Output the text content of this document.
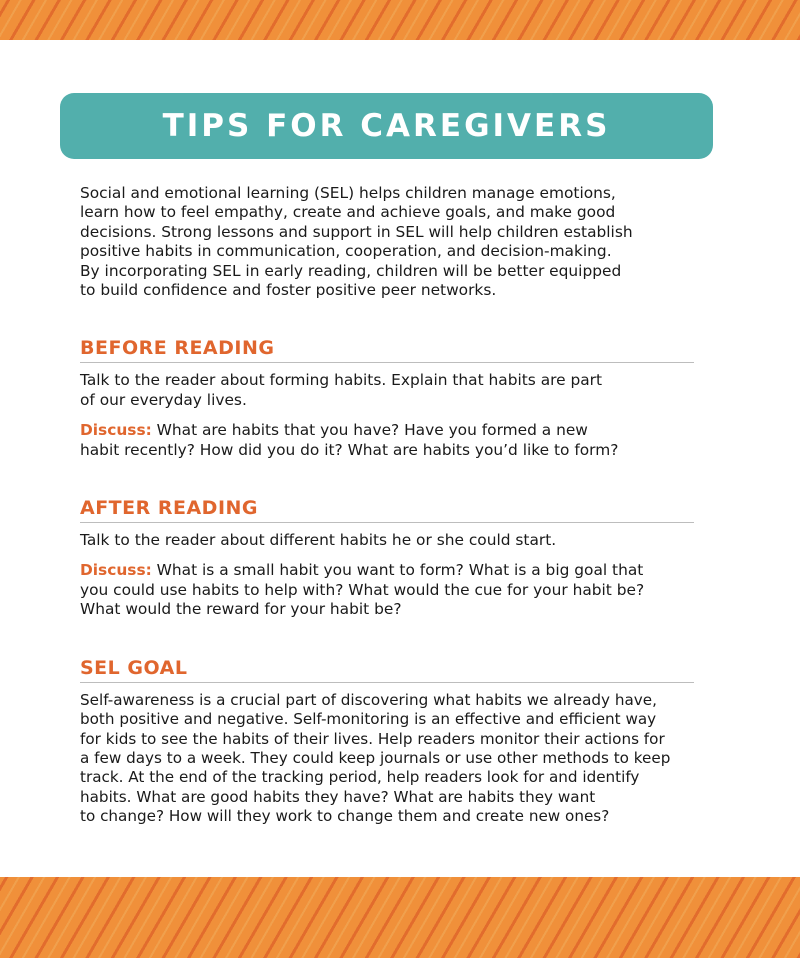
TIPS FOR CAREGIVERS

Social and emotional learning (SEL) helps children manage emotions,
learn how to feel empathy, create and achieve goals, and make good
decisions. Strong lessons and support in SEL will help children establish
positive habits in communication, cooperation, and decision-making.
By incorporating SEL in early reading, children will be better equipped
to build confidence and foster positive peer networks.

BEFORE READING

Talk to the reader about forming habits. Explain that habits are part
of our everyday lives.

Discuss: What are habits that you have? Have you formed a new
habit recently? How did you do it? What are habits you’d like to form?

AFTER READING

Talk to the reader about different habits he or she could start.

Discuss: What is a small habit you want to form? What is a big goal that
you could use habits to help with? What would the cue for your habit be?
What would the reward for your habit be?

SEL GOAL

Self-awareness is a crucial part of discovering what habits we already have,
both positive and negative. Self-monitoring is an effective and efficient way
for kids to see the habits of their lives. Help readers monitor their actions for
a few days to a week. They could keep journals or use other methods to keep
track. At the end of the tracking period, help readers look for and identify
habits. What are good habits they have? What are habits they want
to change? How will they work to change them and create new ones?
